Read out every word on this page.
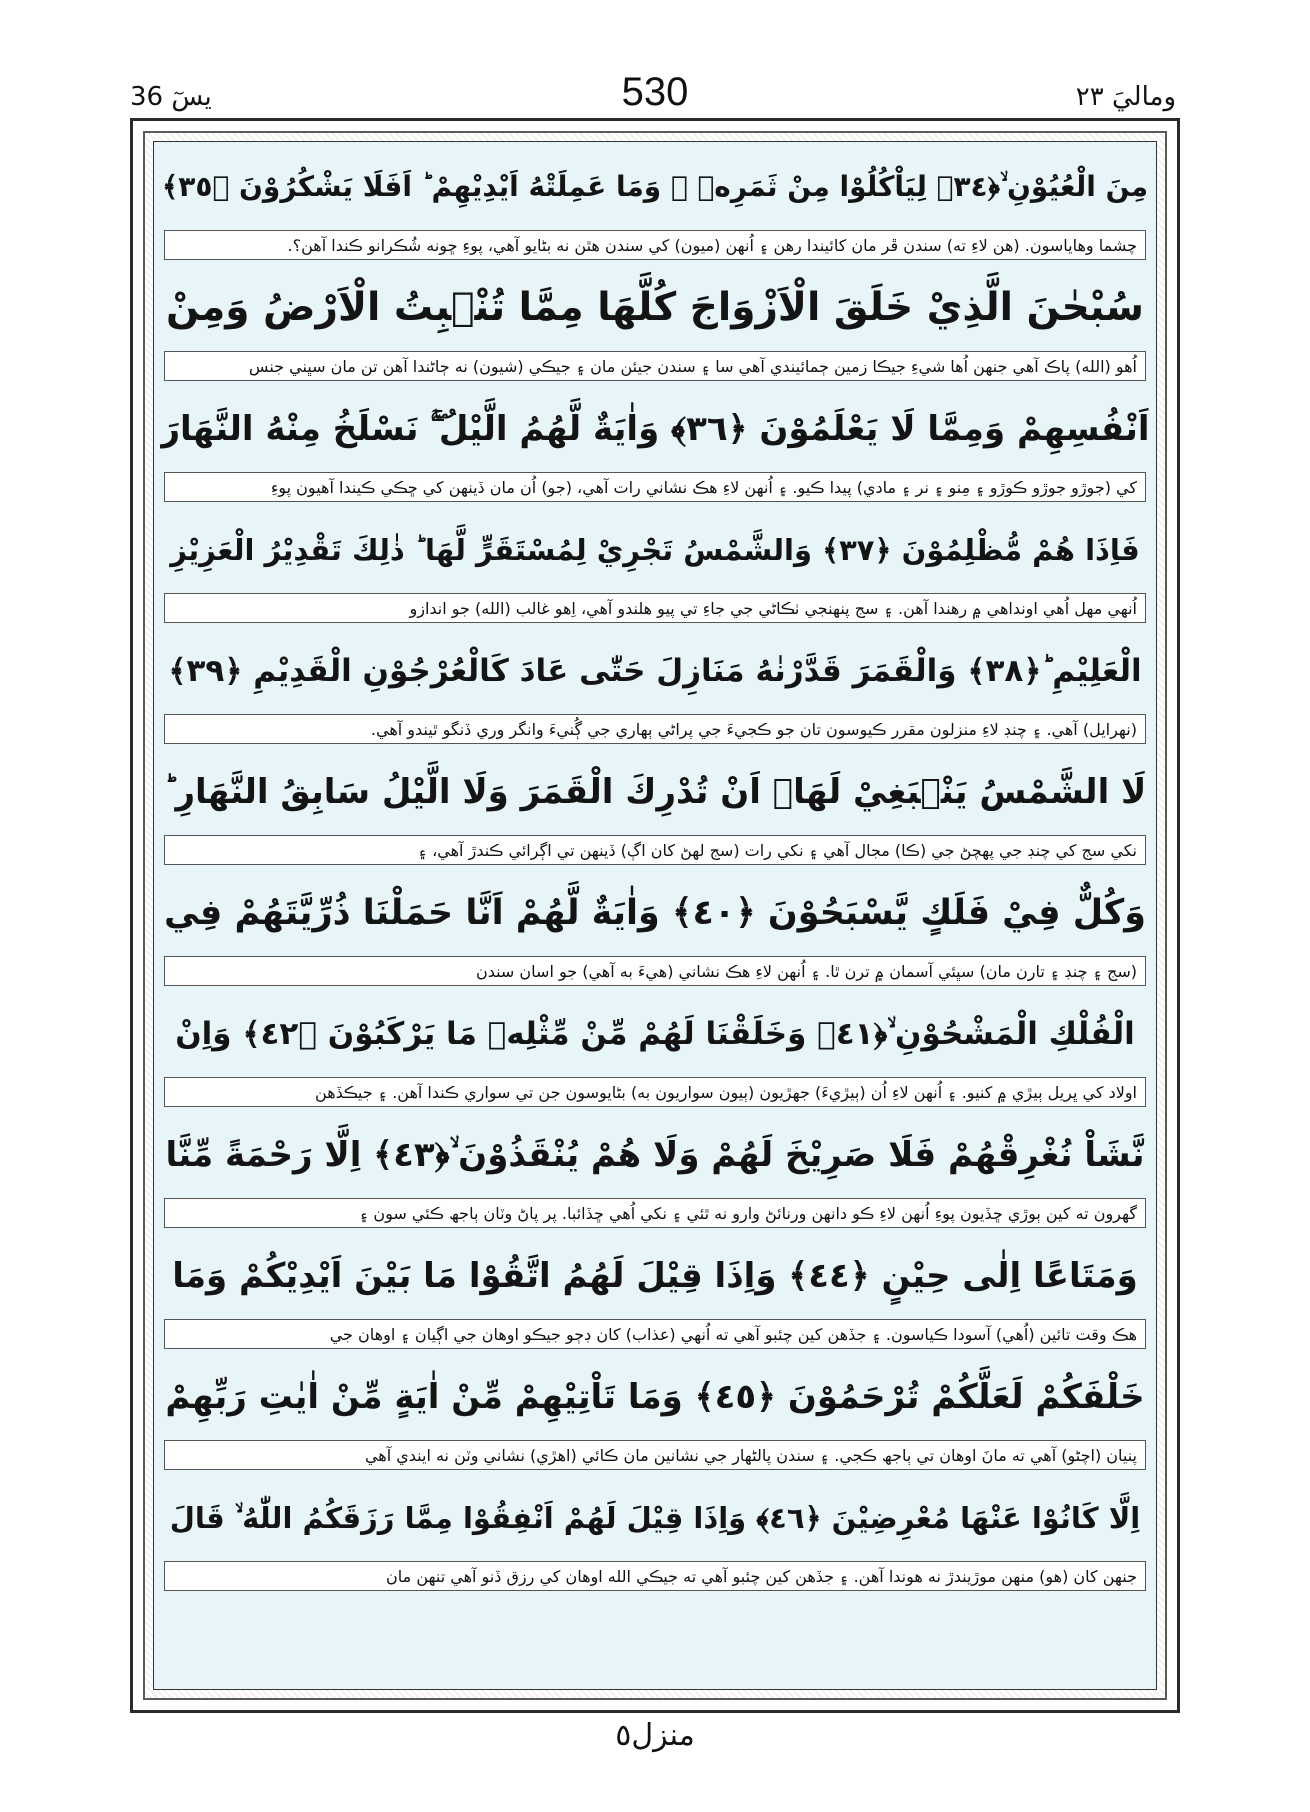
یسٓ 36	530	وماليَ ٢٣
مِنَ الْعُيُوْنِ ۙ﴿٣٤﴾ لِيَاْكُلُوْا مِنْ ثَمَرِهٖ ۙ وَمَا عَمِلَتْهُ اَيْدِيْهِمْ ؕ اَفَلَا يَشْكُرُوْنَ ﴿٣٥﴾
چشما وهاياسون. (هن لاءِ ته) سندن ڦر مان کائيندا رهن ۽ اُنهن (ميون) کي سندن هٿن نه بڻايو آهي، پوءِ ڇونه شُڪرانو ڪندا آهن؟.
سُبْحٰنَ الَّذِيْ خَلَقَ الْاَزْوَاجَ كُلَّهَا مِمَّا تُنْۢبِتُ الْاَرْضُ وَمِنْ
اُهو (الله) پاڪ آهي جنهن اُها شيءِ جيڪا زمين ڄمائيندي آهي سا ۽ سندن جيئن مان ۽ جيڪي (شيون) نه ڄاڻندا آهن تن مان سڀني جنس
اَنْفُسِهِمْ وَمِمَّا لَا يَعْلَمُوْنَ ﴿٣٦﴾ وَاٰيَةٌ لَّهُمُ الَّيْلُ ۚۖ نَسْلَخُ مِنْهُ النَّهَارَ
کي (جوڙو جوڙو ڪوڙو ۽ مِنو ۽ نر ۽ مادي) پيدا ڪيو. ۽ اُنهن لاءِ هڪ نشاني رات آهي، (جو) اُن مان ڏينهن کي ڇڪي ڪيندا آهيون پوءِ
فَاِذَا هُمْ مُّظْلِمُوْنَ ﴿٣٧﴾ وَالشَّمْسُ تَجْرِيْ لِمُسْتَقَرٍّ لَّهَا ؕ ذٰلِكَ تَقْدِيْرُ الْعَزِيْزِ
اُنهي مهل اُهي اونداهي ۾ رهندا آهن. ۽ سج پنهنجي ٺڪاڻي جي جاءِ تي پيو هلندو آهي، اِهو غالب (الله) جو اندازو
الْعَلِيْمِ ؕ﴿٣٨﴾ وَالْقَمَرَ قَدَّرْنٰهُ مَنَازِلَ حَتّٰى عَادَ كَالْعُرْجُوْنِ الْقَدِيْمِ ﴿٣٩﴾
(نهرايل) آهي. ۽ چنڊ لاءِ منزلون مقرر ڪيوسون تان جو ڪجيءَ جي پراڻي ٻهاري جي ڳُنيءَ وانگر وري ڏنگو ٿيندو آهي.
لَا الشَّمْسُ يَنْۢبَغِيْ لَهَاۤ اَنْ تُدْرِكَ الْقَمَرَ وَلَا الَّيْلُ سَابِقُ النَّهَارِ ؕ
نکي سج کي چنڊ جي پهچڻ جي (ڪا) مجال آهي ۽ نکي رات (سج لهڻ کان اڳ) ڏينهن تي اڳرائي ڪندڙ آهي، ۽
وَكُلٌّ فِيْ فَلَكٍ يَّسْبَحُوْنَ ﴿٤٠﴾ وَاٰيَةٌ لَّهُمْ اَنَّا حَمَلْنَا ذُرِّيَّتَهُمْ فِي
(سج ۽ چنڊ ۽ تارن مان) سڀئي آسمان ۾ ترن ٿا. ۽ اُنهن لاءِ هڪ نشاني (هيءَ به آهي) جو اسان سندن
الْفُلْكِ الْمَشْحُوْنِ ۙ﴿٤١﴾ وَخَلَقْنَا لَهُمْ مِّنْ مِّثْلِهٖ مَا يَرْكَبُوْنَ ﴿٤٢﴾ وَاِنْ
اولاد کي ڀريل ٻيڙي ۾ کنيو. ۽ اُنهن لاءِ اُن (ٻيڙيءَ) جهڙيون (ٻيون سواريون به) بڻايوسون جن تي سواري ڪندا آهن. ۽ جيڪڏهن
نَّشَاْ نُغْرِقْهُمْ فَلَا صَرِيْخَ لَهُمْ وَلَا هُمْ يُنْقَذُوْنَ ۙ﴿٤٣﴾ اِلَّا رَحْمَةً مِّنَّا
گهرون ته کين ٻوڙي ڇڏيون پوءِ اُنهن لاءِ ڪو دانهن ورنائڻ وارو نه ٿئي ۽ نکي اُهي ڇڏائبا. پر پاڻ وٽان ٻاجھ ڪئي سون ۽
وَمَتَاعًا اِلٰى حِيْنٍ ﴿٤٤﴾ وَاِذَا قِيْلَ لَهُمُ اتَّقُوْا مَا بَيْنَ اَيْدِيْكُمْ وَمَا
هڪ وقت تائين (اُهي) آسودا ڪياسون. ۽ جڏهن کين چئبو آهي ته اُنهي (عذاب) کان ڊڄو جيڪو اوهان جي اڳيان ۽ اوهان جي
خَلْفَكُمْ لَعَلَّكُمْ تُرْحَمُوْنَ ﴿٤٥﴾ وَمَا تَاْتِيْهِمْ مِّنْ اٰيَةٍ مِّنْ اٰيٰتِ رَبِّهِمْ
پنيان (اچڻو) آهي ته مانَ اوهان تي ٻاجھ ڪجي. ۽ سندن پالڻهار جي نشانين مان ڪائي (اهڙي) نشاني وٽن نه ايندي آهي
اِلَّا كَانُوْا عَنْهَا مُعْرِضِيْنَ ﴿٤٦﴾ وَاِذَا قِيْلَ لَهُمْ اَنْفِقُوْا مِمَّا رَزَقَكُمُ اللّٰهُ ۙ قَالَ
جنهن کان (هو) منهن موڙيندڙ نه هوندا آهن. ۽ جڏهن کين چئبو آهي ته جيڪي الله اوهان کي رزق ڏنو آهي تنهن مان
منزل٥
